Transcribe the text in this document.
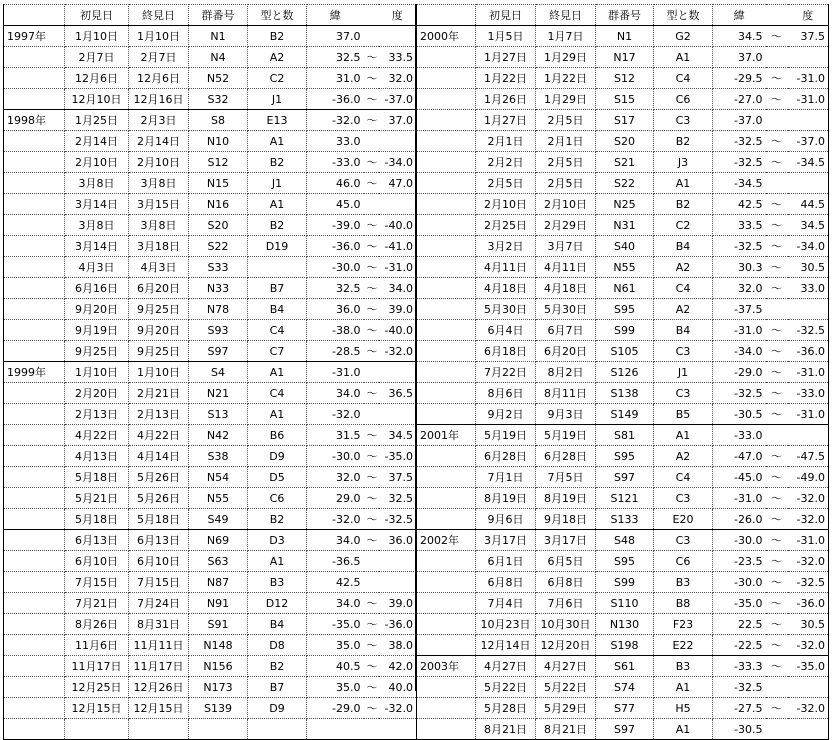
	初見日	終見日	群番号	型と数	緯		度
1997年	1月10日	1月10日	N1	B2	37.0		
	2月7日	2月7日	N4	A2	32.5	〜	33.5
	12月6日	12月6日	N52	C2	31.0	〜	32.0
	12月10日	12月16日	S32	J1	-36.0	〜	-37.0
1998年	1月25日	2月3日	S8	E13	-32.0	〜	37.0
	2月14日	2月14日	N10	A1	33.0		
	2月10日	2月10日	S12	B2	-33.0	〜	-34.0
	3月8日	3月8日	N15	J1	46.0	〜	47.0
	3月14日	3月15日	N16	A1	45.0		
	3月8日	3月8日	S20	B2	-39.0	〜	-40.0
	3月14日	3月18日	S22	D19	-36.0	〜	-41.0
	4月3日	4月3日	S33		-30.0	〜	-31.0
	6月16日	6月20日	N33	B7	32.5	〜	34.0
	9月20日	9月25日	N78	B4	36.0	〜	39.0
	9月19日	9月20日	S93	C4	-38.0	〜	-40.0
	9月25日	9月25日	S97	C7	-28.5	〜	-32.0
1999年	1月10日	1月10日	S4	A1	-31.0		
	2月20日	2月21日	N21	C4	34.0	〜	36.5
	2月13日	2月13日	S13	A1	-32.0		
	4月22日	4月22日	N42	B6	31.5	〜	34.5
	4月13日	4月14日	S38	D9	-30.0	〜	-35.0
	5月18日	5月26日	N54	D5	32.0	〜	37.5
	5月21日	5月26日	N55	C6	29.0	〜	32.5
	5月18日	5月18日	S49	B2	-32.0	〜	-32.5
	6月13日	6月13日	N69	D3	34.0	〜	36.0
	6月10日	6月10日	S63	A1	-36.5		
	7月15日	7月15日	N87	B3	42.5		
	7月21日	7月24日	N91	D12	34.0	〜	39.0
	8月26日	8月31日	S91	B4	-35.0	〜	-36.0
	11月6日	11月11日	N148	D8	35.0	〜	38.0
	11月17日	11月17日	N156	B2	40.5	〜	42.0
	12月25日	12月26日	N173	B7	35.0	〜	40.0
	12月15日	12月15日	S139	D9	-29.0	〜	-32.0

	初見日	終見日	群番号	型と数	緯		度
2000年	1月5日	1月7日	N1	G2	34.5	〜	37.5
	1月27日	1月29日	N17	A1	37.0		
	1月22日	1月22日	S12	C4	-29.5	〜	-31.0
	1月26日	1月29日	S15	C6	-27.0	〜	-31.0
	1月27日	2月5日	S17	C3	-37.0		
	2月1日	2月1日	S20	B2	-32.5	〜	-37.0
	2月2日	2月5日	S21	J3	-32.5	〜	-34.5
	2月5日	2月5日	S22	A1	-34.5		
	2月10日	2月10日	N25	B2	42.5	〜	44.5
	2月25日	2月29日	N31	C2	33.5	〜	34.5
	3月2日	3月7日	S40	B4	-32.5	〜	-34.0
	4月11日	4月11日	N55	A2	30.3	〜	30.5
	4月18日	4月18日	N61	C4	32.0	〜	33.0
	5月30日	5月30日	S95	A2	-37.5		
	6月4日	6月7日	S99	B4	-31.0	〜	-32.5
	6月18日	6月20日	S105	C3	-34.0	〜	-36.0
	7月22日	8月2日	S126	J1	-29.0	〜	-31.0
	8月6日	8月11日	S138	C3	-32.5	〜	-33.0
	9月2日	9月3日	S149	B5	-30.5	〜	-31.0
2001年	5月19日	5月19日	S81	A1	-33.0		
	6月28日	6月28日	S95	A2	-47.0	〜	-47.5
	7月1日	7月5日	S97	C4	-45.0	〜	-49.0
	8月19日	8月19日	S121	C3	-31.0	〜	-32.0
	9月6日	9月18日	S133	E20	-26.0	〜	-32.0
2002年	3月17日	3月17日	S48	C3	-30.0	〜	-31.0
	6月1日	6月5日	S95	C6	-23.5	〜	-32.0
	6月8日	6月8日	S99	B3	-30.0	〜	-32.5
	7月4日	7月6日	S110	B8	-35.0	〜	-36.0
	10月23日	10月30日	N130	F23	22.5	〜	30.5
	12月14日	12月20日	S198	E22	-22.5	〜	-32.0
2003年	4月27日	4月27日	S61	B3	-33.3	〜	-35.0
	5月22日	5月22日	S74	A1	-32.5		
	5月28日	5月29日	S77	H5	-27.5	〜	-32.0
	8月21日	8月21日	S97	A1	-30.5		
